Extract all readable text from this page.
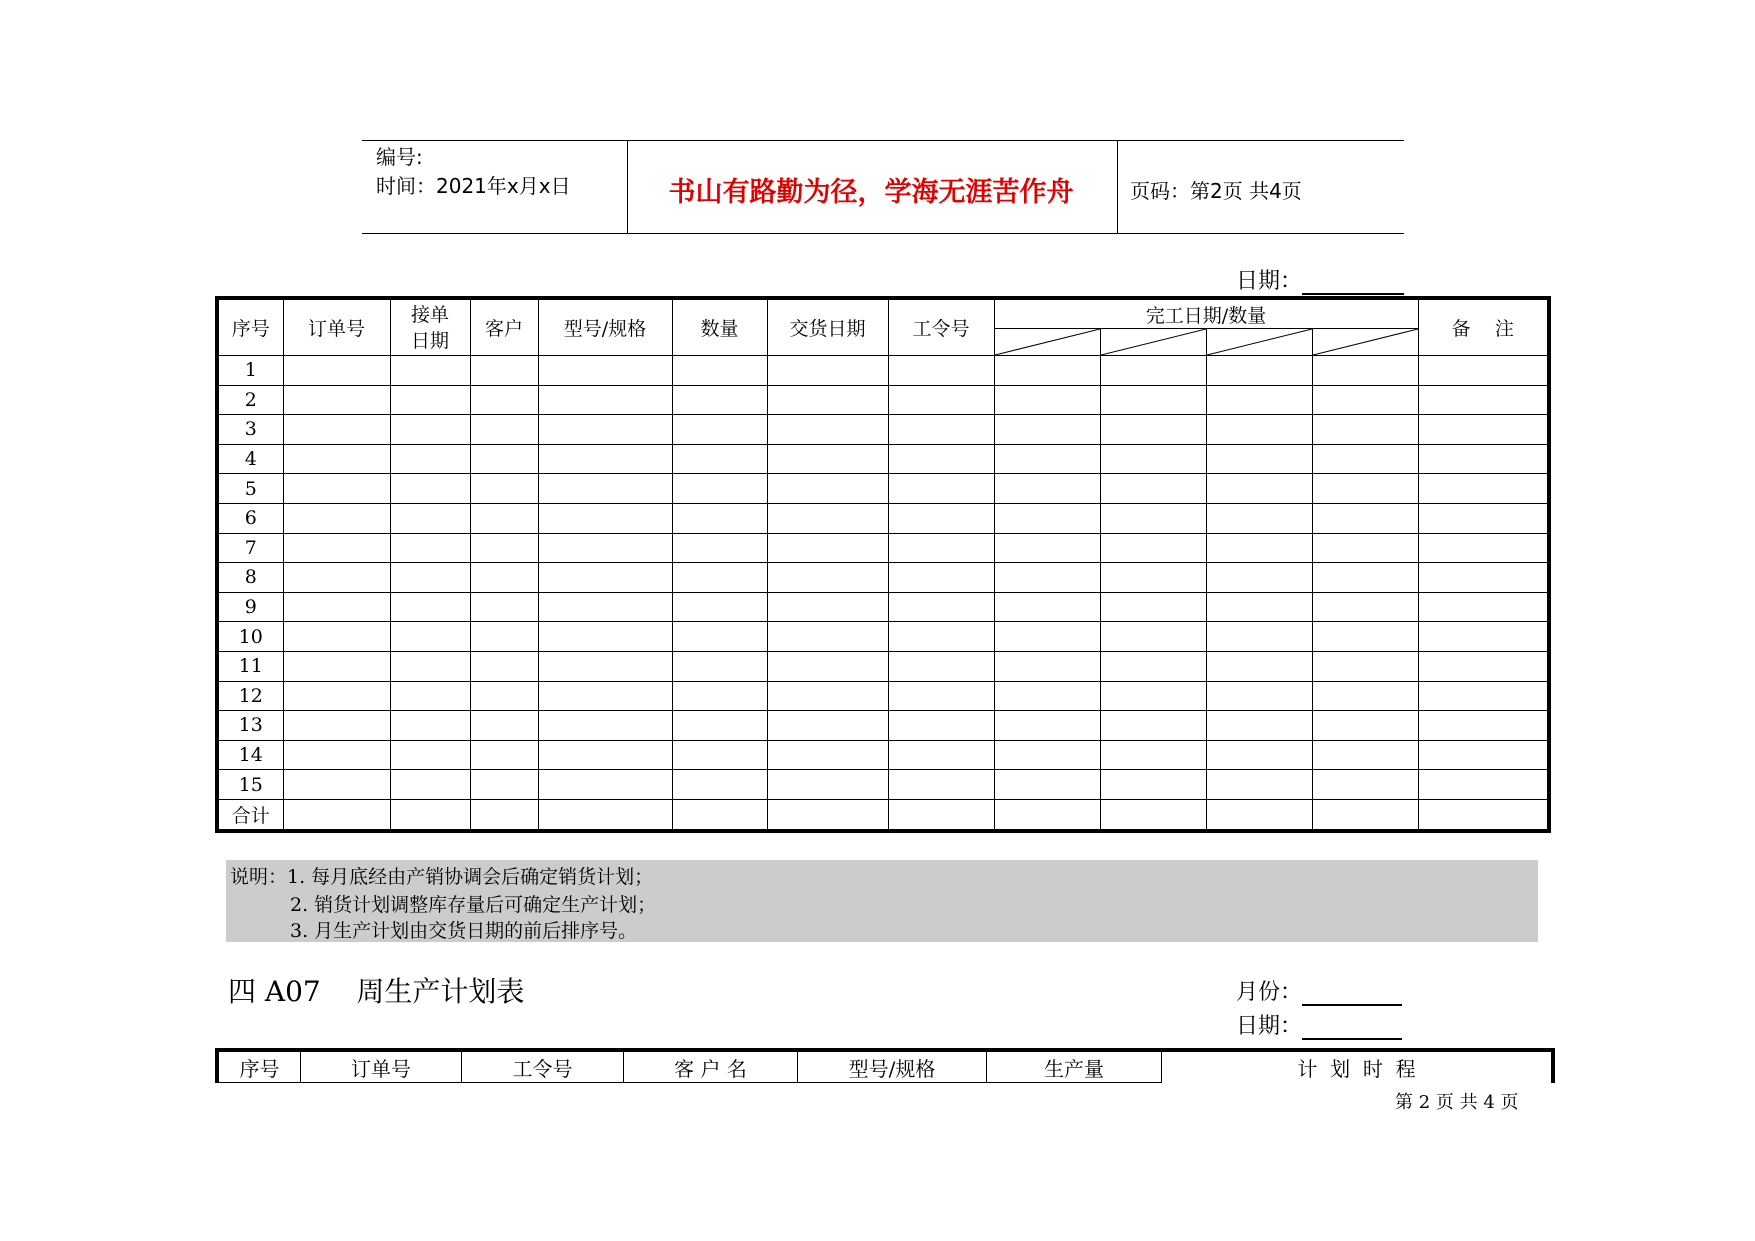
编号:
时间：2021年x月x日	书山有路勤为径，学海无涯苦作舟	页码：第2页 共4页
日期：
序号	订单号	接单日期	客户	型号/规格	数量	交货日期	工令号	完工日期/数量				备    注

1												
2												
3												
4												
5												
6												
7												
8												
9												
10												
11												
12												
13												
14												
15												
合计												
说明：1. 每月底经由产销协调会后确定销货计划；
2. 销货计划调整库存量后可确定生产计划；
3. 月生产计划由交货日期的前后排序号。
四 A07    周生产计划表	月份：
日期：
序号	订单号	工令号	客 户 名	型号/规格	生产量	计  划  时  程
第 2 页 共 4 页
